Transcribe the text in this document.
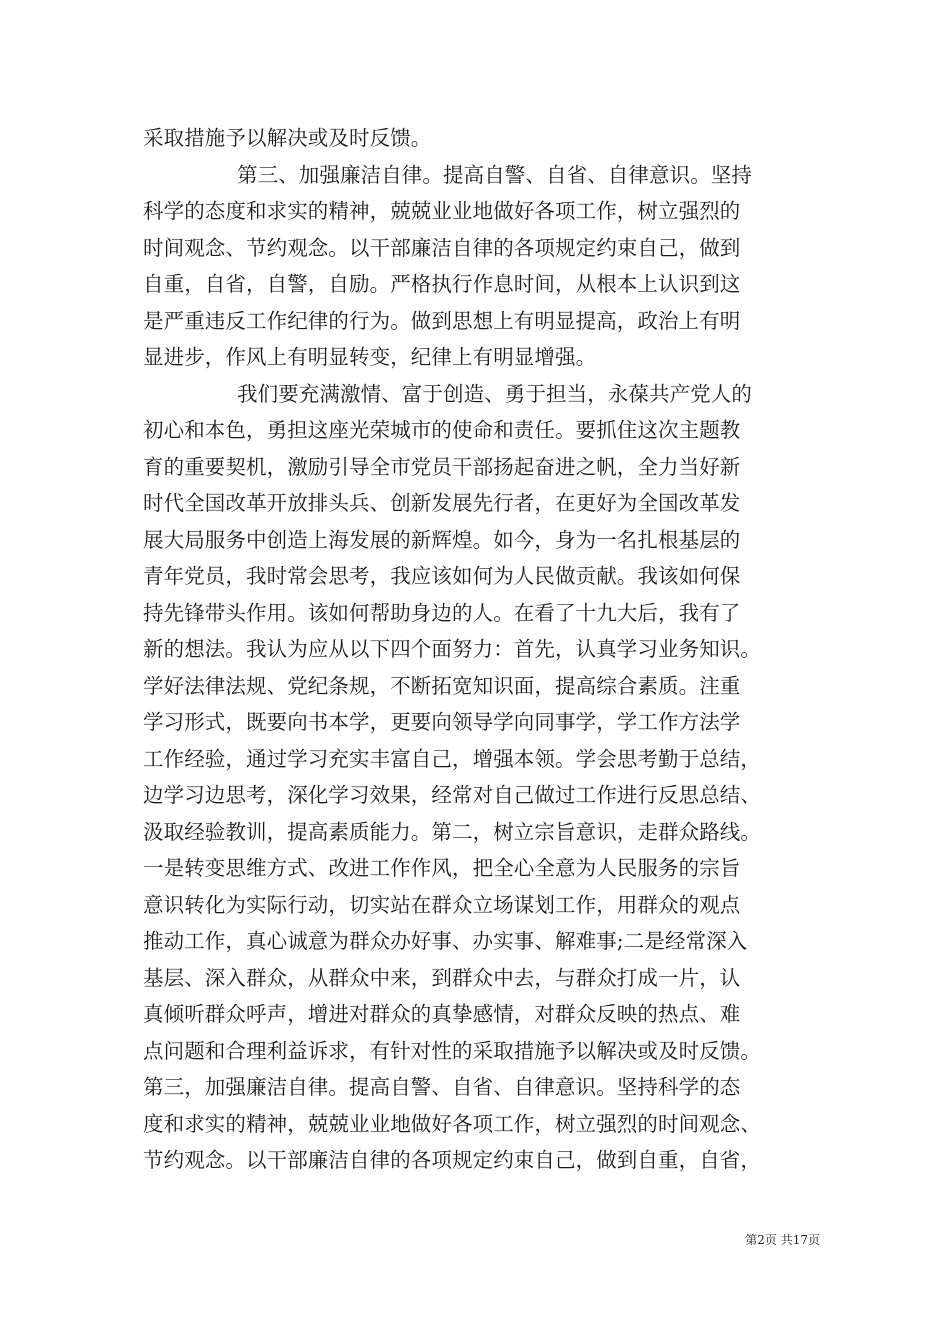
采取措施予以解决或及时反馈。
第三、加强廉洁自律。提高自警、自省、自律意识。坚持
科学的态度和求实的精神，兢兢业业地做好各项工作，树立强烈的
时间观念、节约观念。以干部廉洁自律的各项规定约束自己，做到
自重，自省，自警，自励。严格执行作息时间，从根本上认识到这
是严重违反工作纪律的行为。做到思想上有明显提高，政治上有明
显进步，作风上有明显转变，纪律上有明显增强。
我们要充满激情、富于创造、勇于担当，永葆共产党人的
初心和本色，勇担这座光荣城市的使命和责任。要抓住这次主题教
育的重要契机，激励引导全市党员干部扬起奋进之帆，全力当好新
时代全国改革开放排头兵、创新发展先行者，在更好为全国改革发
展大局服务中创造上海发展的新辉煌。如今，身为一名扎根基层的
青年党员，我时常会思考，我应该如何为人民做贡献。我该如何保
持先锋带头作用。该如何帮助身边的人。在看了十九大后，我有了
新的想法。我认为应从以下四个面努力：首先，认真学习业务知识。
学好法律法规、党纪条规，不断拓宽知识面，提高综合素质。注重
学习形式，既要向书本学，更要向领导学向同事学，学工作方法学
工作经验，通过学习充实丰富自己，增强本领。学会思考勤于总结，
边学习边思考，深化学习效果，经常对自己做过工作进行反思总结、
汲取经验教训，提高素质能力。第二，树立宗旨意识，走群众路线。
一是转变思维方式、改进工作作风，把全心全意为人民服务的宗旨
意识转化为实际行动，切实站在群众立场谋划工作，用群众的观点
推动工作，真心诚意为群众办好事、办实事、解难事;二是经常深入
基层、深入群众，从群众中来，到群众中去，与群众打成一片，认
真倾听群众呼声，增进对群众的真挚感情，对群众反映的热点、难
点问题和合理利益诉求，有针对性的采取措施予以解决或及时反馈。
第三，加强廉洁自律。提高自警、自省、自律意识。坚持科学的态
度和求实的精神，兢兢业业地做好各项工作，树立强烈的时间观念、
节约观念。以干部廉洁自律的各项规定约束自己，做到自重，自省，
第2页 共17页
